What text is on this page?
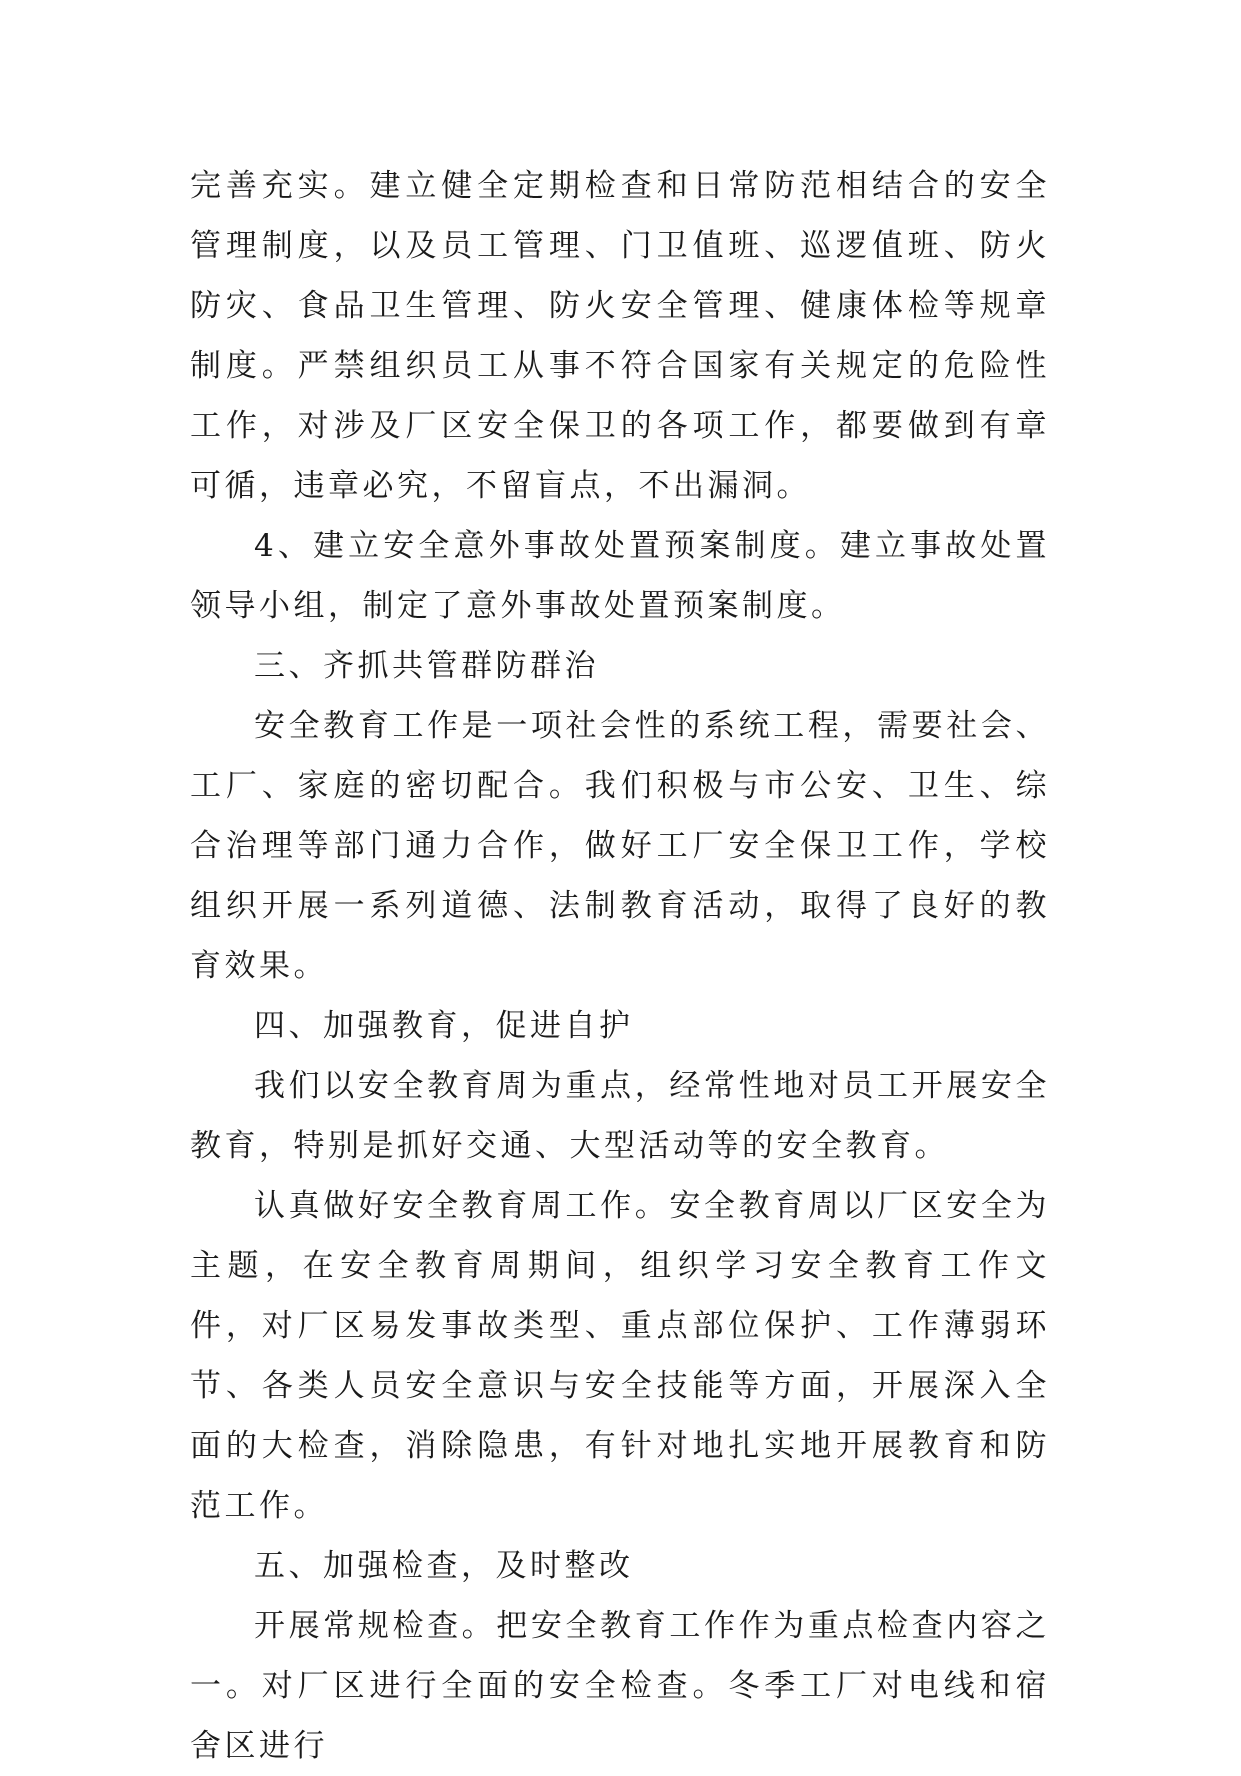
完善充实。建立健全定期检查和日常防范相结合的安全管理制度，以及员工管理、门卫值班、巡逻值班、防火防灾、食品卫生管理、防火安全管理、健康体检等规章制度。严禁组织员工从事不符合国家有关规定的危险性工作，对涉及厂区安全保卫的各项工作，都要做到有章可循，违章必究，不留盲点，不出漏洞。

4、建立安全意外事故处置预案制度。建立事故处置领导小组，制定了意外事故处置预案制度。

三、齐抓共管群防群治

安全教育工作是一项社会性的系统工程，需要社会、工厂、家庭的密切配合。我们积极与市公安、卫生、综合治理等部门通力合作，做好工厂安全保卫工作，学校组织开展一系列道德、法制教育活动，取得了良好的教育效果。

四、加强教育，促进自护

我们以安全教育周为重点，经常性地对员工开展安全教育，特别是抓好交通、大型活动等的安全教育。

认真做好安全教育周工作。安全教育周以厂区安全为主题，在安全教育周期间，组织学习安全教育工作文件，对厂区易发事故类型、重点部位保护、工作薄弱环节、各类人员安全意识与安全技能等方面，开展深入全面的大检查，消除隐患，有针对地扎实地开展教育和防范工作。

五、加强检查，及时整改

开展常规检查。把安全教育工作作为重点检查内容之一。对厂区进行全面的安全检查。冬季工厂对电线和宿舍区进行
